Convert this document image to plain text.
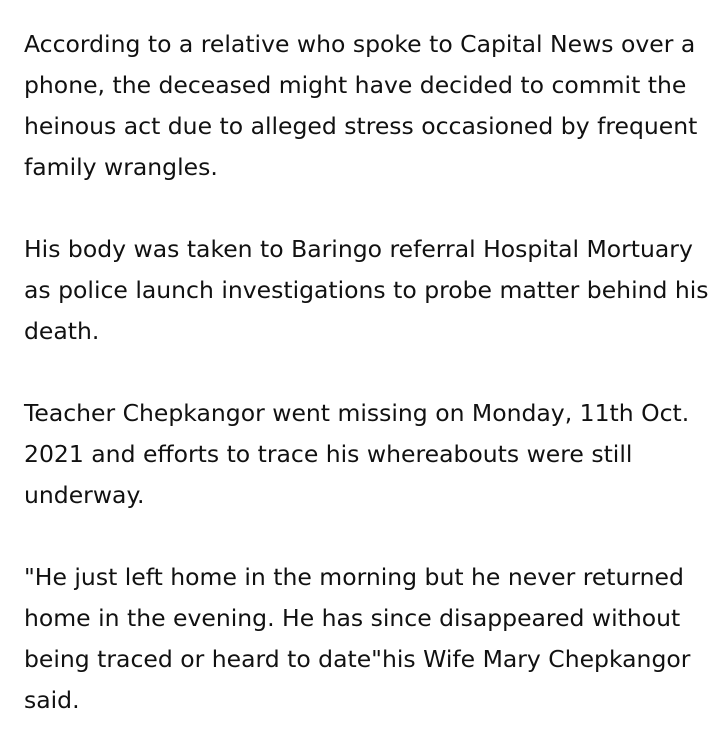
According to a relative who spoke to Capital News over a phone, the deceased might have decided to commit the heinous act due to alleged stress occasioned by frequent family wrangles.

His body was taken to Baringo referral Hospital Mortuary as police launch investigations to probe matter behind his death.

Teacher Chepkangor went missing on Monday, 11th Oct. 2021 and efforts to trace his whereabouts were still underway.

"He just left home in the morning but he never returned home in the evening. He has since disappeared without being traced or heard to date"his Wife Mary Chepkangor said.
